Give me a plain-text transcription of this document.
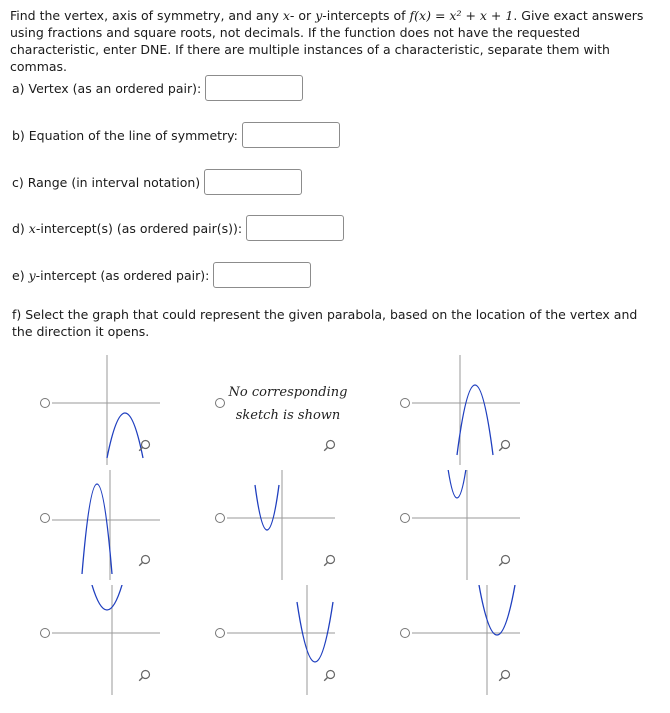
Find the vertex, axis of symmetry, and any x- or y-intercepts of f(x) = x² + x + 1. Give exact answers using fractions and square roots, not decimals. If the function does not have the requested characteristic, enter DNE. If there are multiple instances of a characteristic, separate them with commas.
a) Vertex (as an ordered pair):
b) Equation of the line of symmetry:
c) Range (in interval notation)
d)
x -intercept(s) (as ordered pair(s)):
e)
y -intercept (as ordered pair):
f) Select the graph that could represent the given parabola, based on the location of the vertex and the direction it opens.
No corresponding
sketch is shown
